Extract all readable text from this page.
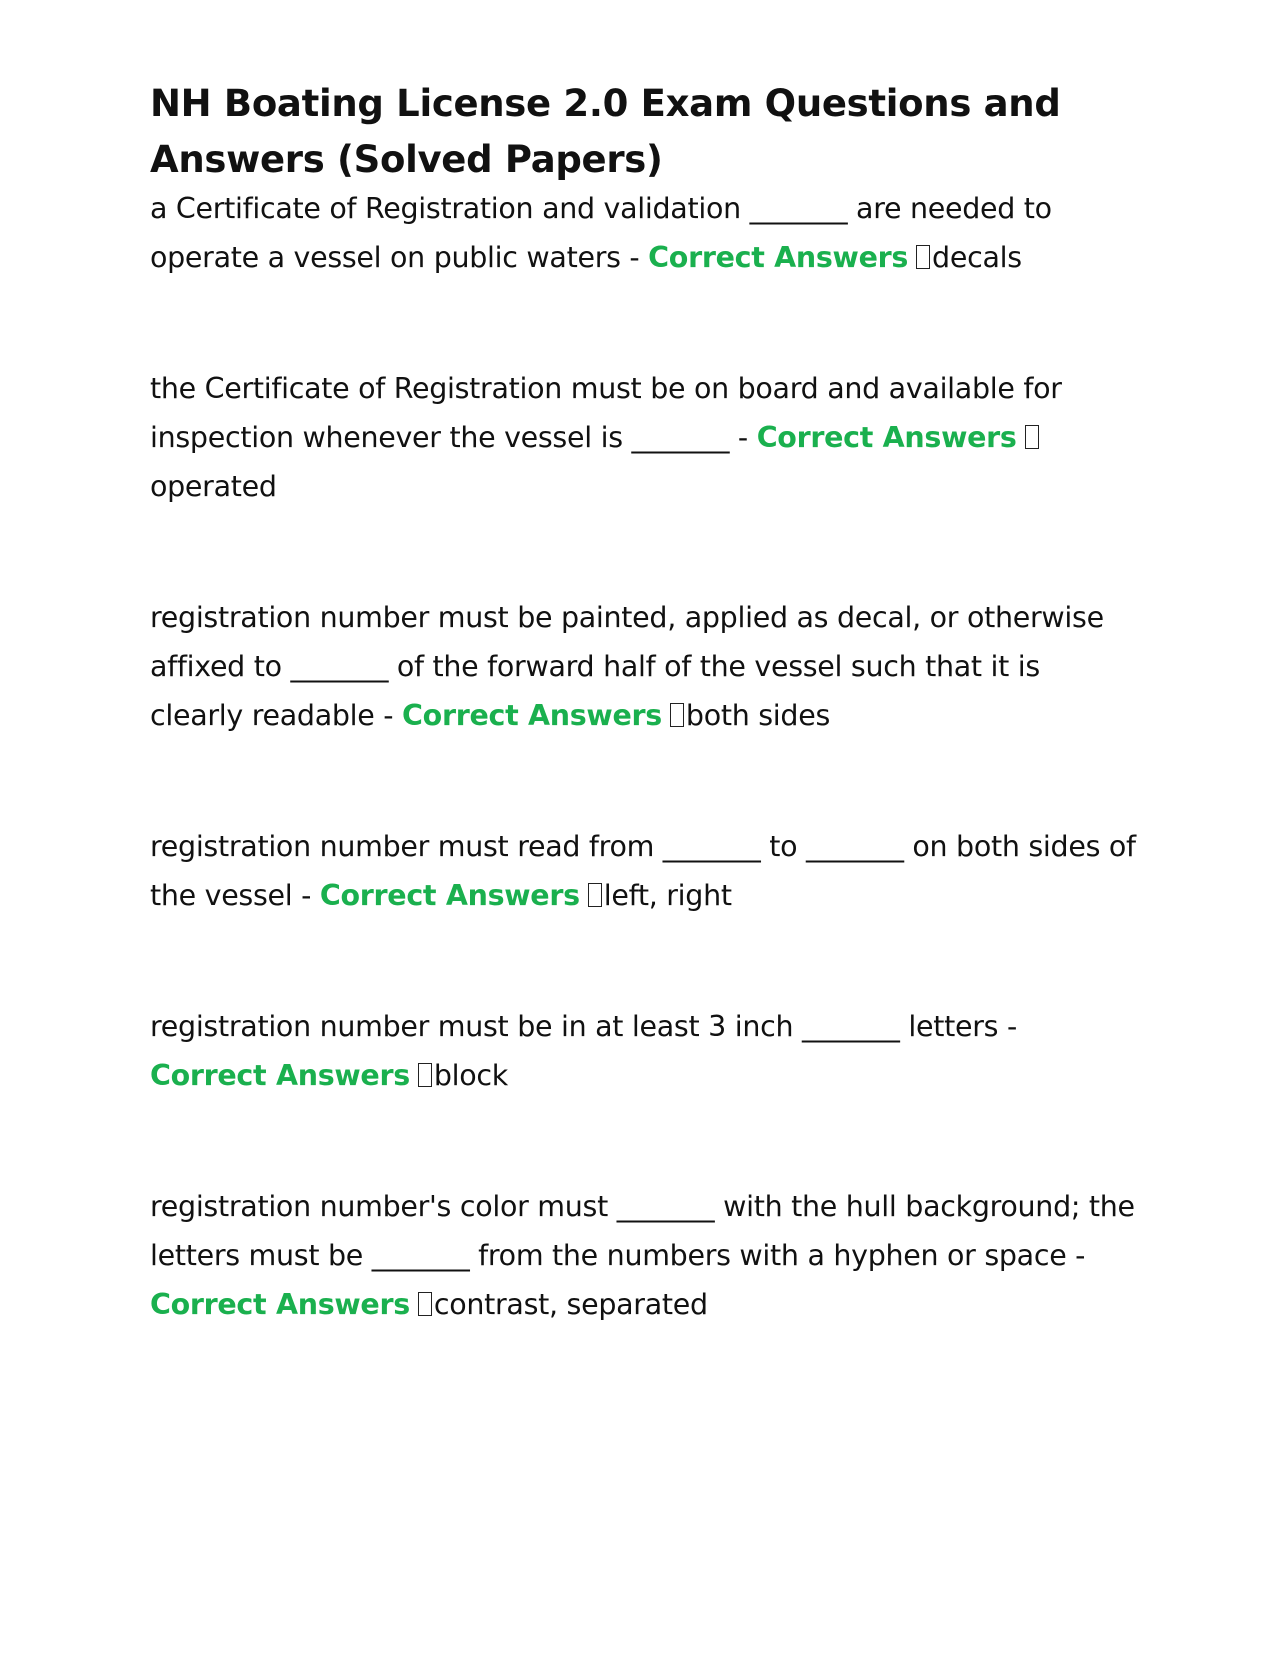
NH Boating License 2.0 Exam Questions and Answers (Solved Papers)
a Certificate of Registration and validation _______ are needed to operate a vessel on public waters - Correct Answers decals
the Certificate of Registration must be on board and available for inspection whenever the vessel is _______ - Correct Answersoperated
registration number must be painted, applied as decal, or otherwise affixed to _______ of the forward half of the vessel such that it is clearly readable - Correct Answers both sides
registration number must read from _______ to _______ on both sides of the vessel - Correct Answers left, right
registration number must be in at least 3 inch _______ letters - Correct Answers block
registration number's color must _______ with the hull background; the letters must be _______ from the numbers with a hyphen or space - Correct Answers contrast, separated
